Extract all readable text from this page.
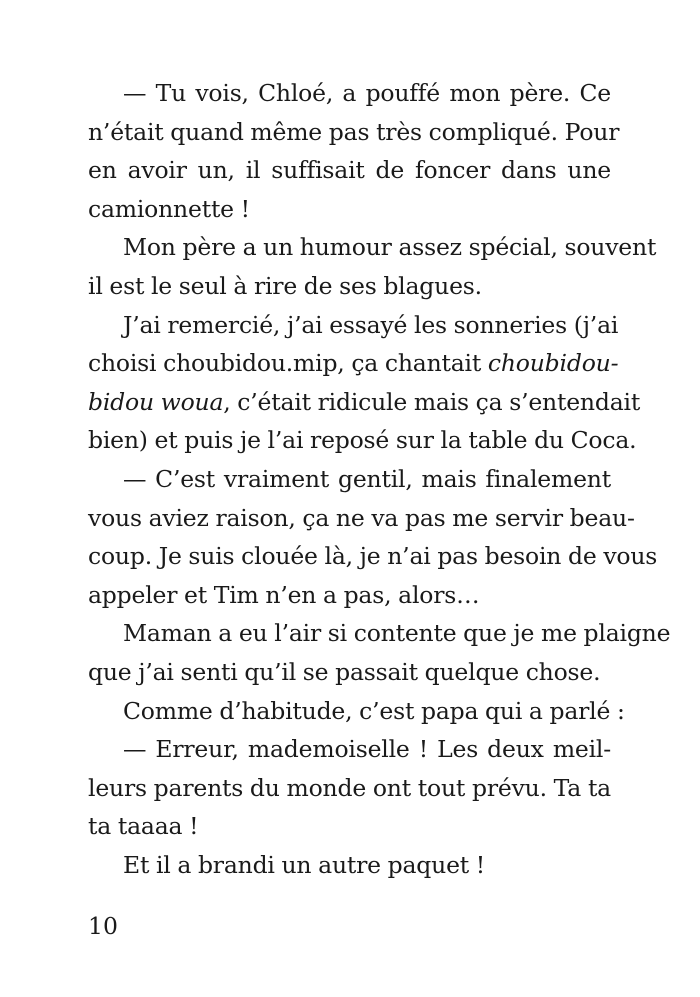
— Tu vois, Chloé, a pouffé mon père. Ce
n’était quand même pas très compliqué. Pour
en avoir un, il suffisait de foncer dans une
camionnette !
Mon père a un humour assez spécial, souvent
il est le seul à rire de ses blagues.
J’ai remercié, j’ai essayé les sonneries (j’ai
choisi choubidou.mip, ça chantait choubidou-
bidou woua, c’était ridicule mais ça s’entendait
bien) et puis je l’ai reposé sur la table du Coca.
— C’est vraiment gentil, mais finalement
vous aviez raison, ça ne va pas me servir beau-
coup. Je suis clouée là, je n’ai pas besoin de vous
appeler et Tim n’en a pas, alors…
Maman a eu l’air si contente que je me plaigne
que j’ai senti qu’il se passait quelque chose.
Comme d’habitude, c’est papa qui a parlé :
— Erreur, mademoiselle ! Les deux meil-
leurs parents du monde ont tout prévu. Ta ta
ta taaaa !
Et il a brandi un autre paquet !
10
